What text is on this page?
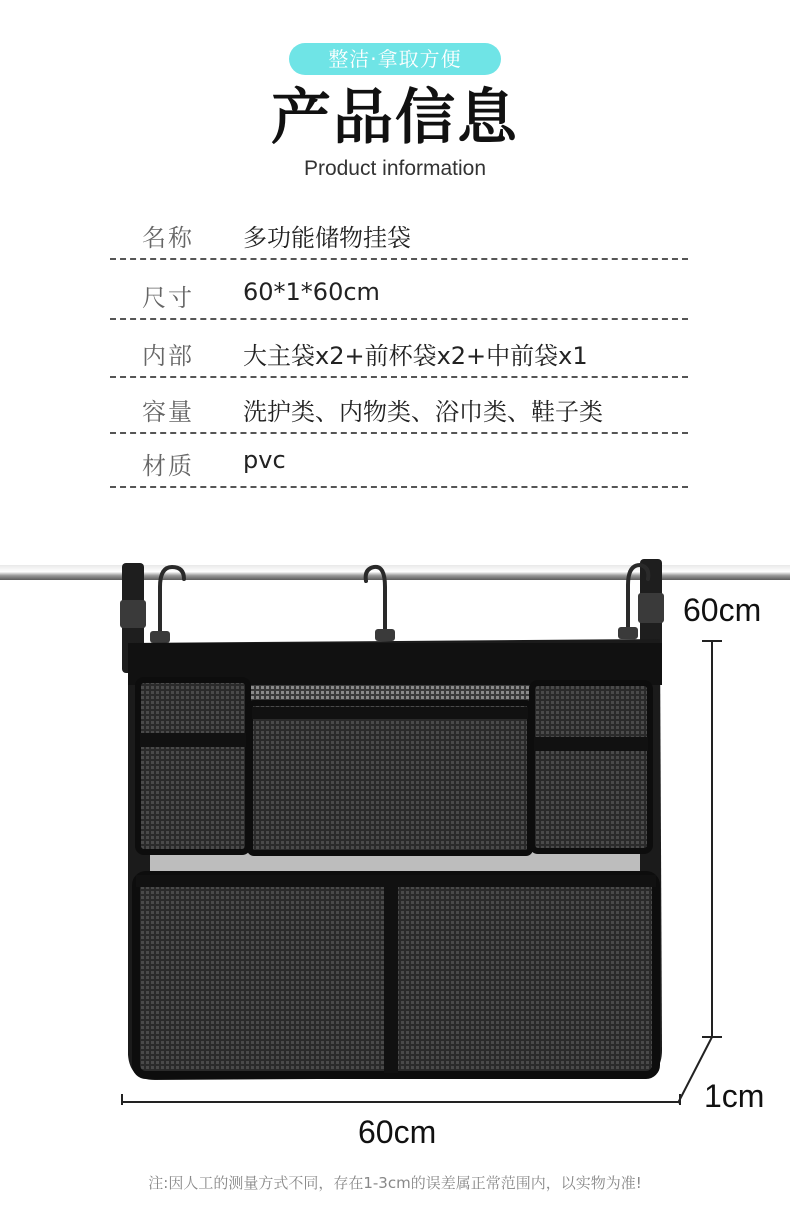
整洁·拿取方便
产品信息
Product information
名称 多功能储物挂袋
尺寸 60*1*60cm
内部 大主袋x2+前杯袋x2+中前袋x1
容量 洗护类、内物类、浴巾类、鞋子类
材质 pvc
60cm
1cm
60cm
注:因人工的测量方式不同，存在1-3cm的误差属正常范围内，以实物为准!
